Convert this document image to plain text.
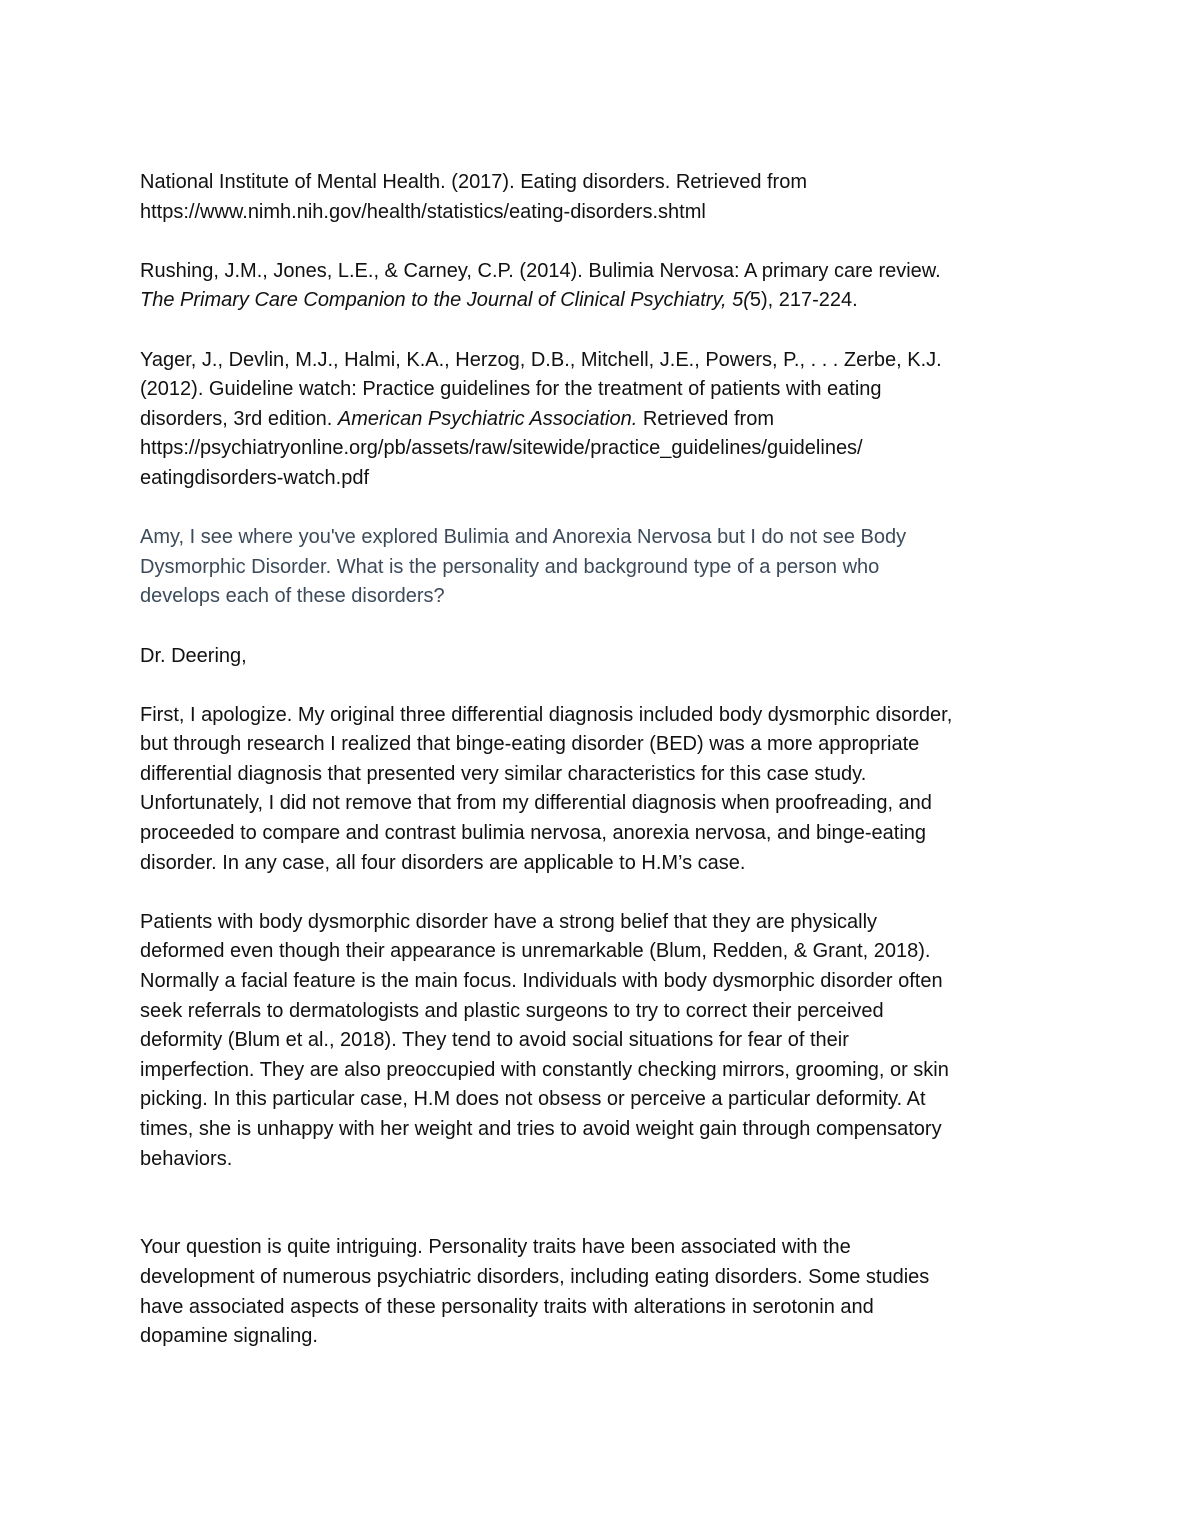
National Institute of Mental Health. (2017). Eating disorders. Retrieved from
https://www.nimh.nih.gov/health/statistics/eating-disorders.shtml
Rushing, J.M., Jones, L.E., & Carney, C.P. (2014). Bulimia Nervosa: A primary care review.
The Primary Care Companion to the Journal of Clinical Psychiatry, 5(5), 217-224.
Yager, J., Devlin, M.J., Halmi, K.A., Herzog, D.B., Mitchell, J.E., Powers, P., . . . Zerbe, K.J.
(2012). Guideline watch: Practice guidelines for the treatment of patients with eating
disorders, 3rd edition. American Psychiatric Association. Retrieved from
https://psychiatryonline.org/pb/assets/raw/sitewide/practice_guidelines/guidelines/
eatingdisorders-watch.pdf
Amy, I see where you've explored Bulimia and Anorexia Nervosa but I do not see Body
Dysmorphic Disorder. What is the personality and background type of a person who
develops each of these disorders?
Dr. Deering,
First, I apologize. My original three differential diagnosis included body dysmorphic disorder,
but through research I realized that binge-eating disorder (BED) was a more appropriate
differential diagnosis that presented very similar characteristics for this case study.
Unfortunately, I did not remove that from my differential diagnosis when proofreading, and
proceeded to compare and contrast bulimia nervosa, anorexia nervosa, and binge-eating
disorder. In any case, all four disorders are applicable to H.M’s case.
Patients with body dysmorphic disorder have a strong belief that they are physically
deformed even though their appearance is unremarkable (Blum, Redden, & Grant, 2018).
Normally a facial feature is the main focus. Individuals with body dysmorphic disorder often
seek referrals to dermatologists and plastic surgeons to try to correct their perceived
deformity (Blum et al., 2018). They tend to avoid social situations for fear of their
imperfection. They are also preoccupied with constantly checking mirrors, grooming, or skin
picking. In this particular case, H.M does not obsess or perceive a particular deformity. At
times, she is unhappy with her weight and tries to avoid weight gain through compensatory
behaviors.
Your question is quite intriguing. Personality traits have been associated with the
development of numerous psychiatric disorders, including eating disorders. Some studies
have associated aspects of these personality traits with alterations in serotonin and
dopamine signaling.
